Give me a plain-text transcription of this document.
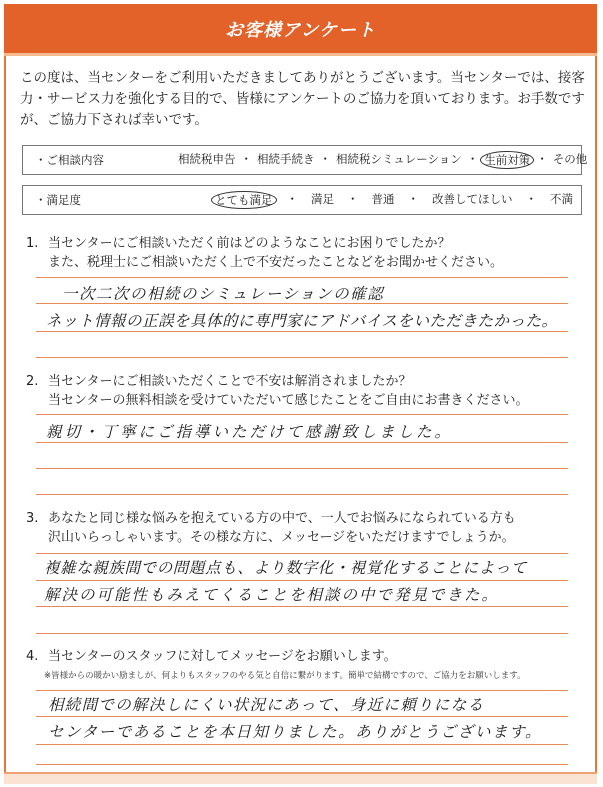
お客様アンケート
この度は、当センターをご利用いただきましてありがとうございます。当センターでは、接客力・サービス力を強化する目的で、皆様にアンケートのご協力を頂いております。お手数ですが、ご協力下されば幸いです。
・ご相談内容	相続税申告 ・ 相続手続き ・ 相続税シミュレーション ・ 生前対策 ・ その他
・満足度	とても満足	・	満足	・	普通	・	改善してほしい	・	不満
1. 当センターにご相談いただく前はどのようなことにお困りでしたか？
また、税理士にご相談いただく上で不安だったことなどをお聞かせください。
一次二次の相続のシミュレーションの確認
ネット情報の正誤を具体的に専門家にアドバイスをいただきたかった。
2. 当センターにご相談いただくことで不安は解消されましたか？
当センターの無料相談を受けていただいて感じたことをご自由にお書きください。
親切・丁寧にご指導いただけて感謝致しました。
3. あなたと同じ様な悩みを抱えている方の中で、一人でお悩みになられている方も
沢山いらっしゃいます。その様な方に、メッセージをいただけますでしょうか。
複雑な親族間での問題点も、より数字化・視覚化することによって
解決の可能性もみえてくることを相談の中で発見できた。
4. 当センターのスタッフに対してメッセージをお願いします。
※皆様からの暖かい励ましが、何よりもスタッフのやる気と自信に繋がります。簡単で結構ですので、ご協力をお願いします。
相続間での解決しにくい状況にあって、身近に頼りになる
センターであることを本日知りました。ありがとうございます。
